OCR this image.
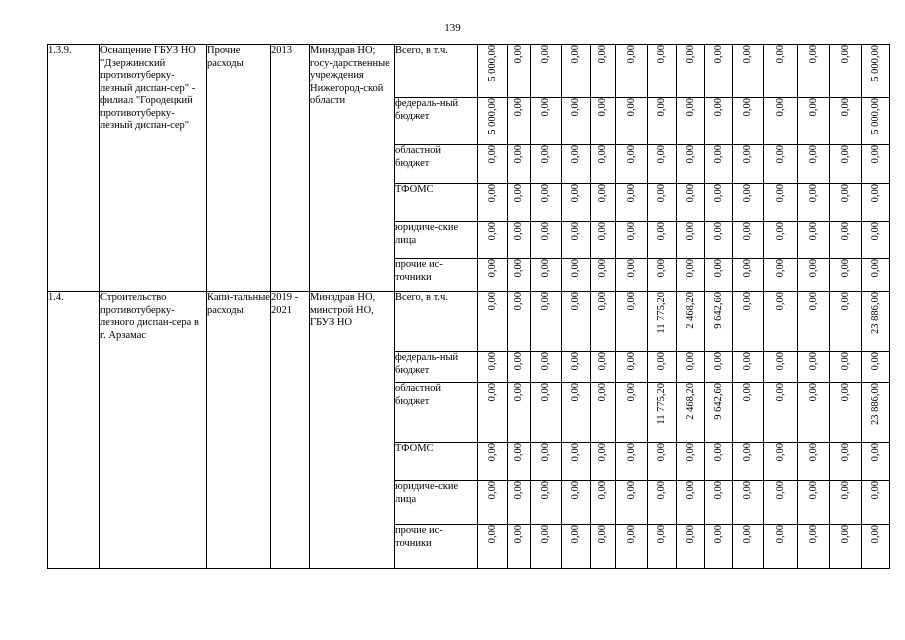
139
1.3.9.	Оснащение ГБУЗ НО "Дзержинский противотуберку-лезный диспан-сер" - филиал "Городецкий противотуберку-лезный диспан-сер"	Прочие расходы	2013	Минздрав НО; госу-дарственные учреждения Нижегород-ской области	Всего, в т.ч.	5 000,00	0,00	0,00	0,00	0,00	0,00	0,00	0,00	0,00	0,00	0,00	0,00	0,00	5 000,00
					федераль-ный бюджет	5 000,00	0,00	0,00	0,00	0,00	0,00	0,00	0,00	0,00	0,00	0,00	0,00	0,00	5 000,00
					областной бюджет	0,00	0,00	0,00	0,00	0,00	0,00	0,00	0,00	0,00	0,00	0,00	0,00	0,00	0,00
					ТФОМС	0,00	0,00	0,00	0,00	0,00	0,00	0,00	0,00	0,00	0,00	0,00	0,00	0,00	0,00
					юридиче-ские лица	0,00	0,00	0,00	0,00	0,00	0,00	0,00	0,00	0,00	0,00	0,00	0,00	0,00	0,00
					прочие ис-точники	0,00	0,00	0,00	0,00	0,00	0,00	0,00	0,00	0,00	0,00	0,00	0,00	0,00	0,00
1.4.	Строительство противотуберку-лезного диспан-сера в г. Арзамас	Капи-тальные расходы	2019 - 2021	Минздрав НО, минстрой НО, ГБУЗ НО	Всего, в т.ч.	0,00	0,00	0,00	0,00	0,00	0,00	11 775,20	2 468,20	9 642,60	0,00	0,00	0,00	0,00	23 886,00
					федераль-ный бюджет	0,00	0,00	0,00	0,00	0,00	0,00	0,00	0,00	0,00	0,00	0,00	0,00	0,00	0,00
					областной бюджет	0,00	0,00	0,00	0,00	0,00	0,00	11 775,20	2 468,20	9 642,60	0,00	0,00	0,00	0,00	23 886,00
					ТФОМС	0,00	0,00	0,00	0,00	0,00	0,00	0,00	0,00	0,00	0,00	0,00	0,00	0,00	0,00
					юридиче-ские лица	0,00	0,00	0,00	0,00	0,00	0,00	0,00	0,00	0,00	0,00	0,00	0,00	0,00	0,00
					прочие ис-точники	0,00	0,00	0,00	0,00	0,00	0,00	0,00	0,00	0,00	0,00	0,00	0,00	0,00	0,00
